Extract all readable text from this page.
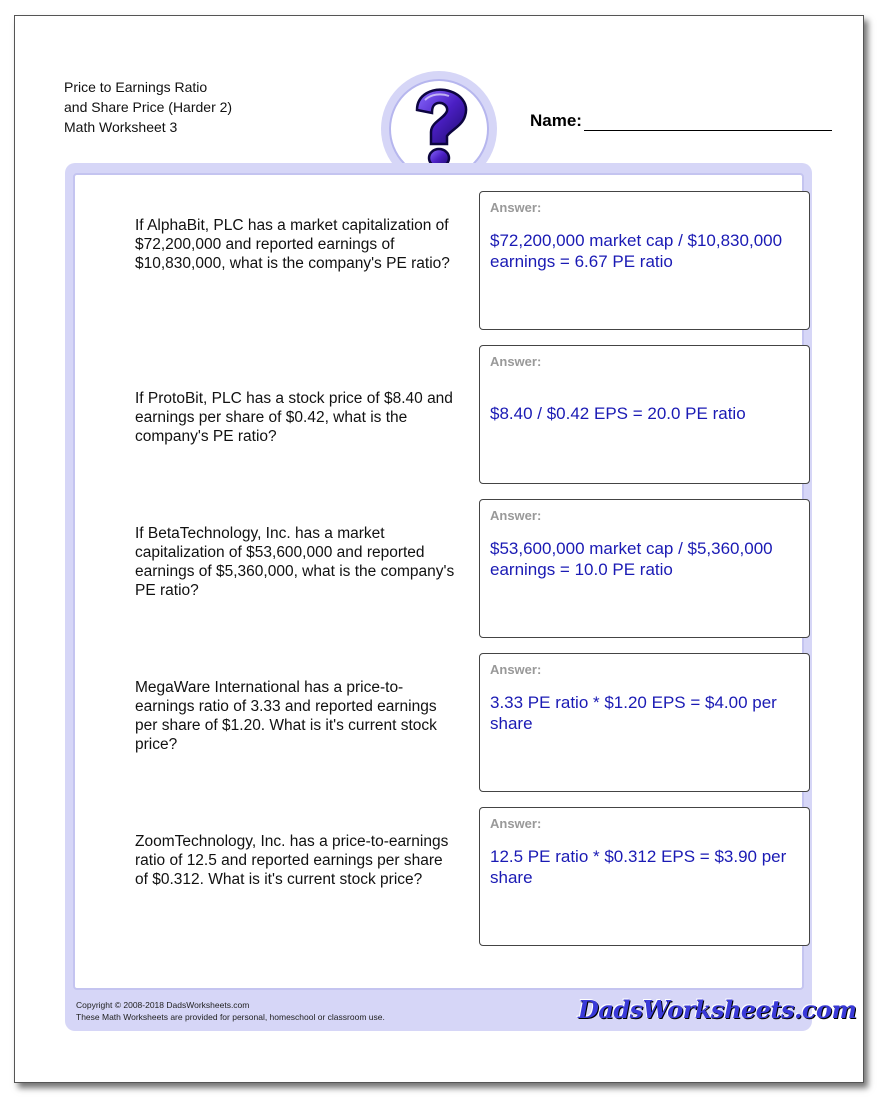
Price to Earnings Ratio
and Share Price (Harder 2)
Math Worksheet 3	Name:
If AlphaBit, PLC has a market capitalization of $72,200,000 and reported earnings of $10,830,000, what is the company's PE ratio?
Answer:
$72,200,000 market cap / $10,830,000 earnings = 6.67 PE ratio
If ProtoBit, PLC has a stock price of $8.40 and earnings per share of $0.42, what is the company's PE ratio?
Answer:
$8.40 / $0.42 EPS = 20.0 PE ratio
If BetaTechnology, Inc. has a market capitalization of $53,600,000 and reported earnings of $5,360,000, what is the company's PE ratio?
Answer:
$53,600,000 market cap / $5,360,000 earnings = 10.0 PE ratio
MegaWare International has a price-to-earnings ratio of 3.33 and reported earnings per share of $1.20. What is it's current stock price?
Answer:
3.33 PE ratio * $1.20 EPS = $4.00 per share
ZoomTechnology, Inc. has a price-to-earnings ratio of 12.5 and reported earnings per share of $0.312. What is it's current stock price?
Answer:
12.5 PE ratio * $0.312 EPS = $3.90 per share
Copyright © 2008-2018 DadsWorksheets.com
These Math Worksheets are provided for personal, homeschool or classroom use.	DadsWorksheets.com
